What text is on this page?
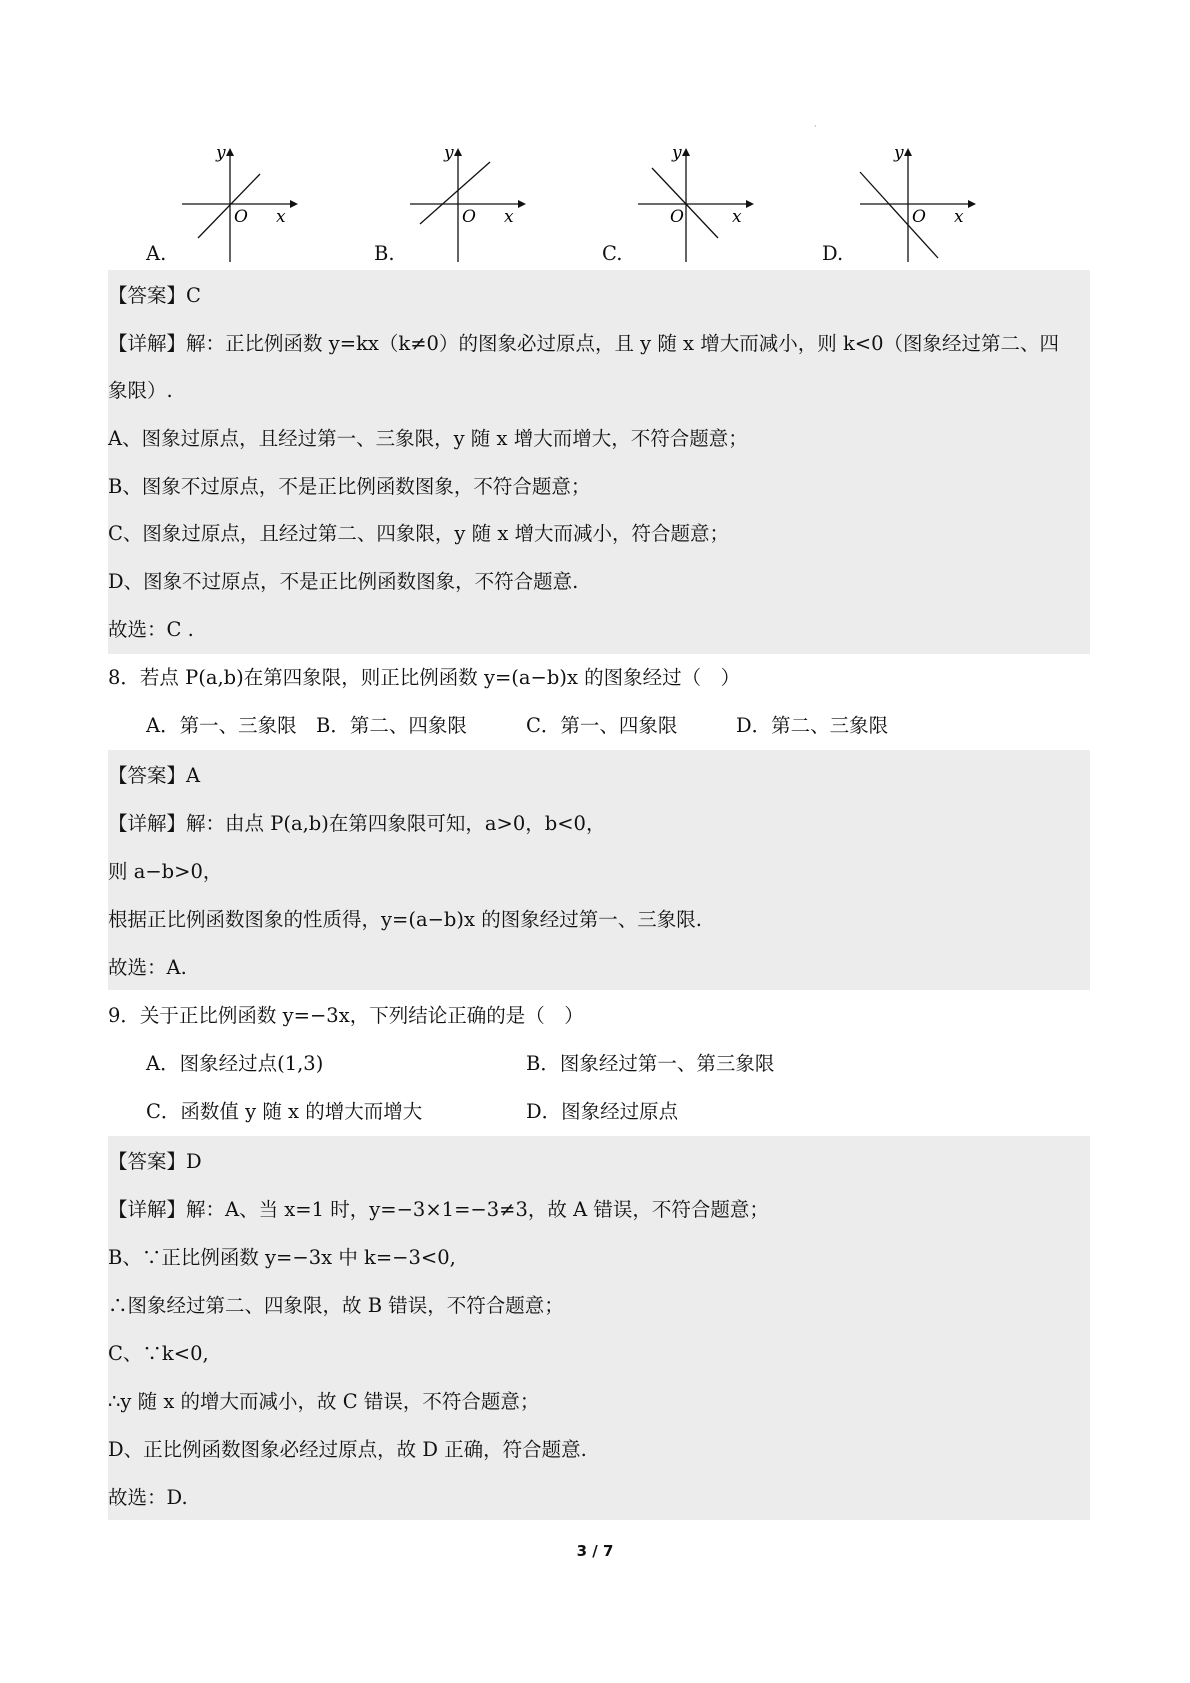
·
A.	B.	C.	D.
y
O x
y
O x
y
O	x
y
O x
【答案】C
【详解】解：正比例函数 y=kx（k≠0）的图象必过原点，且 y 随 x 增大而减小，则 k<0（图象经过第二、四
象限）.
A、图象过原点，且经过第一、三象限，y 随 x 增大而增大，不符合题意；
B、图象不过原点，不是正比例函数图象，不符合题意；
C、图象过原点，且经过第二、四象限，y 随 x 增大而减小，符合题意；
D、图象不过原点，不是正比例函数图象，不符合题意.
故选：C .
8．若点 P(a,b)在第四象限，则正比例函数 y=(a−b)x 的图象经过（　）
A．第一、三象限 B．第二、四象限	C．第一、四象限	D．第二、三象限
【答案】A
【详解】解：由点 P(a,b)在第四象限可知，a>0，b<0，
则 a−b>0，
根据正比例函数图象的性质得，y=(a−b)x 的图象经过第一、三象限.
故选：A.
9．关于正比例函数 y=−3x，下列结论正确的是（　）
A．图象经过点(1,3)	B．图象经过第一、第三象限
C．函数值 y 随 x 的增大而增大	D．图象经过原点
【答案】D
【详解】解：A、当 x=1 时，y=−3×1=−3≠3，故 A 错误，不符合题意；
B、∵正比例函数 y=−3x 中 k=−3<0,
∴图象经过第二、四象限，故 B 错误，不符合题意；
C、∵k<0,
∴y 随 x 的增大而减小，故 C 错误，不符合题意；
D、正比例函数图象必经过原点，故 D 正确，符合题意.
故选：D.
3 / 7
